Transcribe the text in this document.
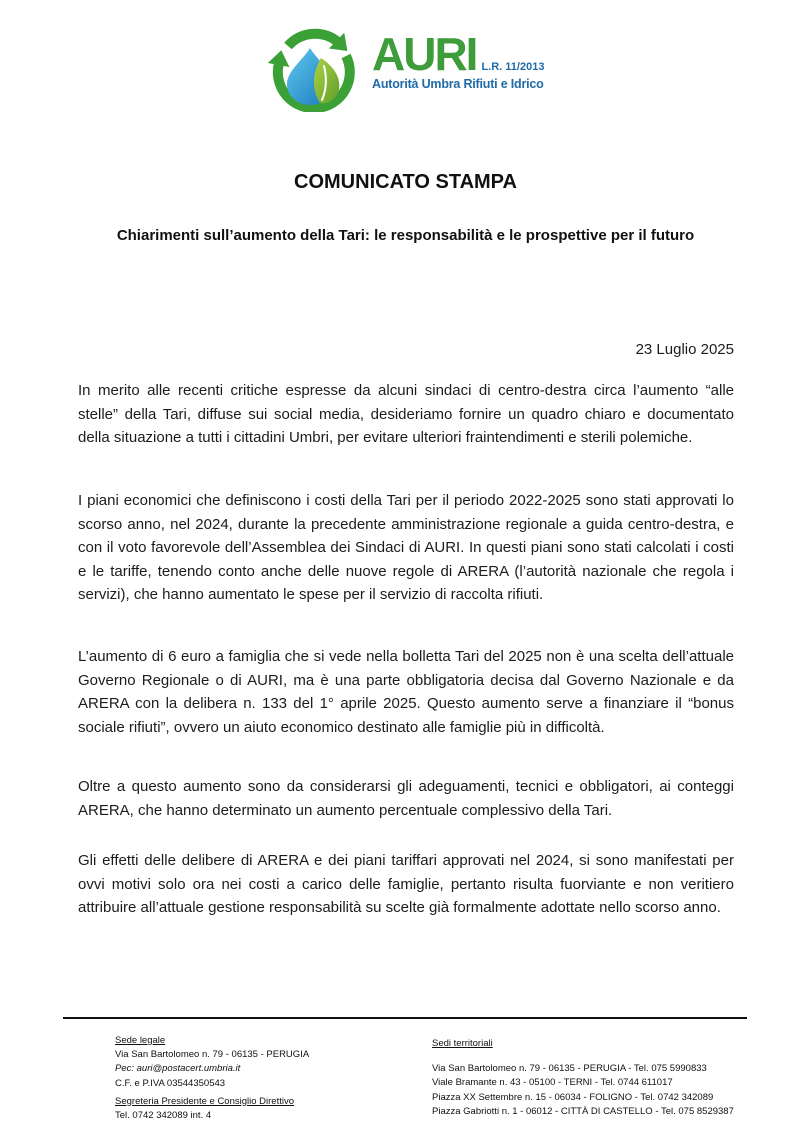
AURI L.R. 11/2013
Autorità Umbra Rifiuti e Idrico
COMUNICATO STAMPA
Chiarimenti sull’aumento della Tari: le responsabilità e le prospettive per il futuro
23 Luglio 2025

In merito alle recenti critiche espresse da alcuni sindaci di centro-destra circa l’aumento “alle stelle” della Tari, diffuse sui social media, desideriamo fornire un quadro chiaro e documentato della situazione a tutti i cittadini Umbri, per evitare ulteriori fraintendimenti e sterili polemiche.

I piani economici che definiscono i costi della Tari per il periodo 2022-2025 sono stati approvati lo scorso anno, nel 2024, durante la precedente amministrazione regionale a guida centro-destra, e con il voto favorevole dell’Assemblea dei Sindaci di AURI. In questi piani sono stati calcolati i costi e le tariffe, tenendo conto anche delle nuove regole di ARERA (l’autorità nazionale che regola i servizi), che hanno aumentato le spese per il servizio di raccolta rifiuti.

L’aumento di 6 euro a famiglia che si vede nella bolletta Tari del 2025 non è una scelta dell’attuale Governo Regionale o di AURI, ma è una parte obbligatoria decisa dal Governo Nazionale e da ARERA con la delibera n. 133 del 1° aprile 2025. Questo aumento serve a finanziare il “bonus sociale rifiuti”, ovvero un aiuto economico destinato alle famiglie più in difficoltà.

Oltre a questo aumento sono da considerarsi gli adeguamenti, tecnici e obbligatori, ai conteggi ARERA, che hanno determinato un aumento percentuale complessivo della Tari.

Gli effetti delle delibere di ARERA e dei piani tariffari approvati nel 2024, si sono manifestati per ovvi motivi solo ora nei costi a carico delle famiglie, pertanto risulta fuorviante e non veritiero attribuire all’attuale gestione responsabilità su scelte già formalmente adottate nello scorso anno.

Sede legale
Via San Bartolomeo n. 79 - 06135 - PERUGIA
Pec: auri@postacert.umbria.it
C.F. e P.IVA 03544350543
Segreteria Presidente e Consiglio Direttivo
Tel. 0742 342089 int. 4
Sedi territoriali
Via San Bartolomeo n. 79 - 06135 - PERUGIA - Tel. 075 5990833
Viale Bramante n. 43 - 05100 - TERNI - Tel. 0744 611017
Piazza XX Settembre n. 15 - 06034 - FOLIGNO - Tel. 0742 342089
Piazza Gabriotti n. 1 - 06012 - CITTÀ DI CASTELLO - Tel. 075 8529387
